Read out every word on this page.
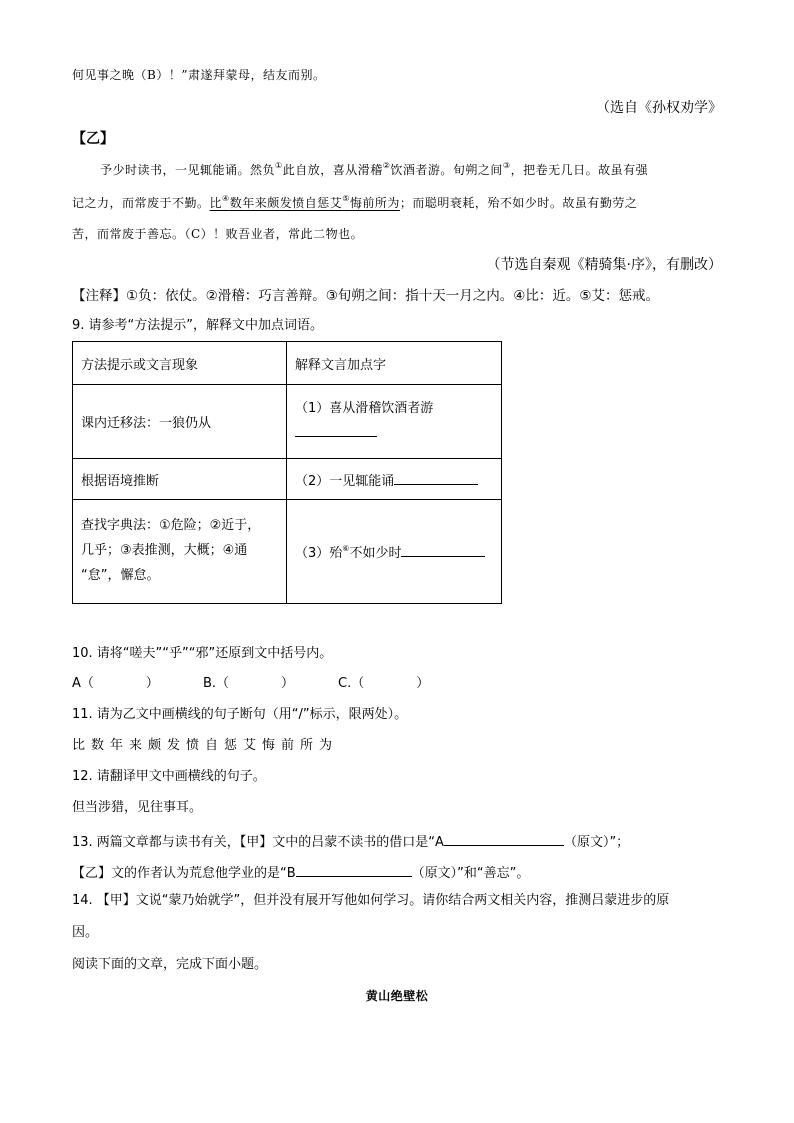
何见事之晚（B）！”肃遂拜蒙母，结友而别。
（选自《孙权劝学》
【乙】
予少时读书，一见辄能诵。然负①此自放，喜从滑稽②饮酒者游。旬朔之间③，把卷无几日。故虽有强
记之力，而常废于不勤。比④数年来颇发愤自惩艾⑤悔前所为；而聪明衰耗，殆不如少时。故虽有勤劳之
苦，而常废于善忘。（C）！败吾业者，常此二物也。
（节选自秦观《精骑集·序》，有删改）
【注释】①负：依仗。②滑稽：巧言善辩。③旬朔之间：指十天一月之内。④比：近。⑤艾：惩戒。
9. 请参考“方法提示”，解释文中加点词语。
方法提示或文言现象	解释文言加点字
课内迁移法：一狼仍从	（1）喜从滑稽饮酒者游

根据语境推断	（2）一见辄能诵

查找字典法：①危险；②近于，
几乎；③表推测，大概；④通
“怠”，懈怠。	（3）殆⑥不如少时
10. 请将“嗟夫”“乎”“邪”还原到文中括号内。
A（　　　　）	B.（　　　　）	C.（　　　　）
11. 请为乙文中画横线的句子断句（用“/”标示，限两处）。
比数年来颇发愤自惩艾悔前所为
12. 请翻译甲文中画横线的句子。
但当涉猎，见往事耳。
13. 两篇文章都与读书有关，【甲】文中的吕蒙不读书的借口是“A	（原文）”；
【乙】文的作者认为荒怠他学业的是“B	（原文）”和“善忘”。
14. 【甲】文说“蒙乃始就学”，但并没有展开写他如何学习。请你结合两文相关内容，推测吕蒙进步的原
因。
阅读下面的文章，完成下面小题。
黄山绝壁松
